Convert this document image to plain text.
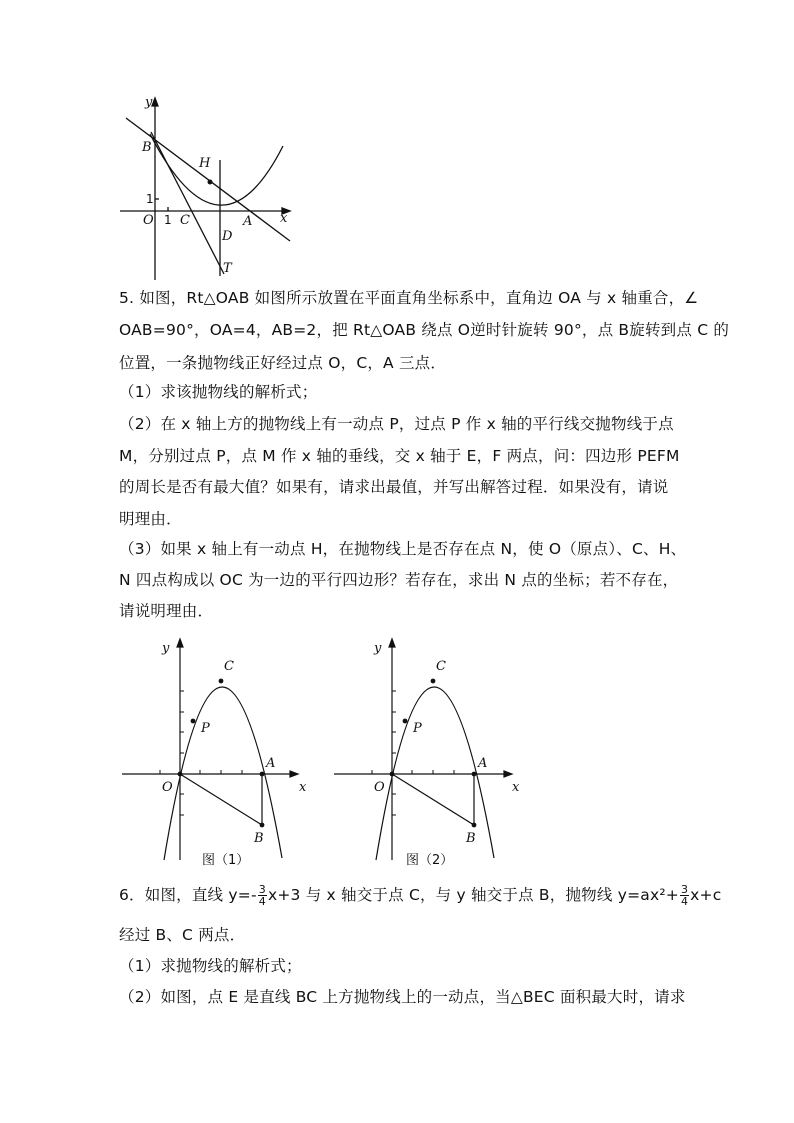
y
x
B
H
1
O 1 C	A
D
T
5. 如图，Rt△OAB 如图所示放置在平面直角坐标系中，直角边 OA 与 x 轴重合，∠
OAB=90°，OA=4，AB=2，把 Rt△OAB 绕点 O逆时针旋转 90°，点 B旋转到点 C 的
位置，一条抛物线正好经过点 O，C，A 三点．
（1）求该抛物线的解析式；
（2）在 x 轴上方的抛物线上有一动点 P，过点 P 作 x 轴的平行线交抛物线于点
M，分别过点 P，点 M 作 x 轴的垂线，交 x 轴于 E，F 两点，问：四边形 PEFM
的周长是否有最大值？如果有，请求出最值，并写出解答过程．如果没有，请说
明理由．
（3）如果 x 轴上有一动点 H，在抛物线上是否存在点 N，使 O（原点）、C、H、
N 四点构成以 OC 为一边的平行四边形？若存在，求出 N 点的坐标；若不存在，
请说明理由．
y
C
P
A
O	x
B
图（1）
y
C
P
A
O	x
B
图（2）
6．如图，直线 $y=- \frac{3}{4} x+3$ 与 x 轴交于点 C，与 y 轴交于点 B，抛物线 $y=ax^2+ \frac{3}{4} x+c$
经过 B、C 两点．
（1）求抛物线的解析式；
（2）如图，点 E 是直线 BC 上方抛物线上的一动点，当△BEC 面积最大时，请求
